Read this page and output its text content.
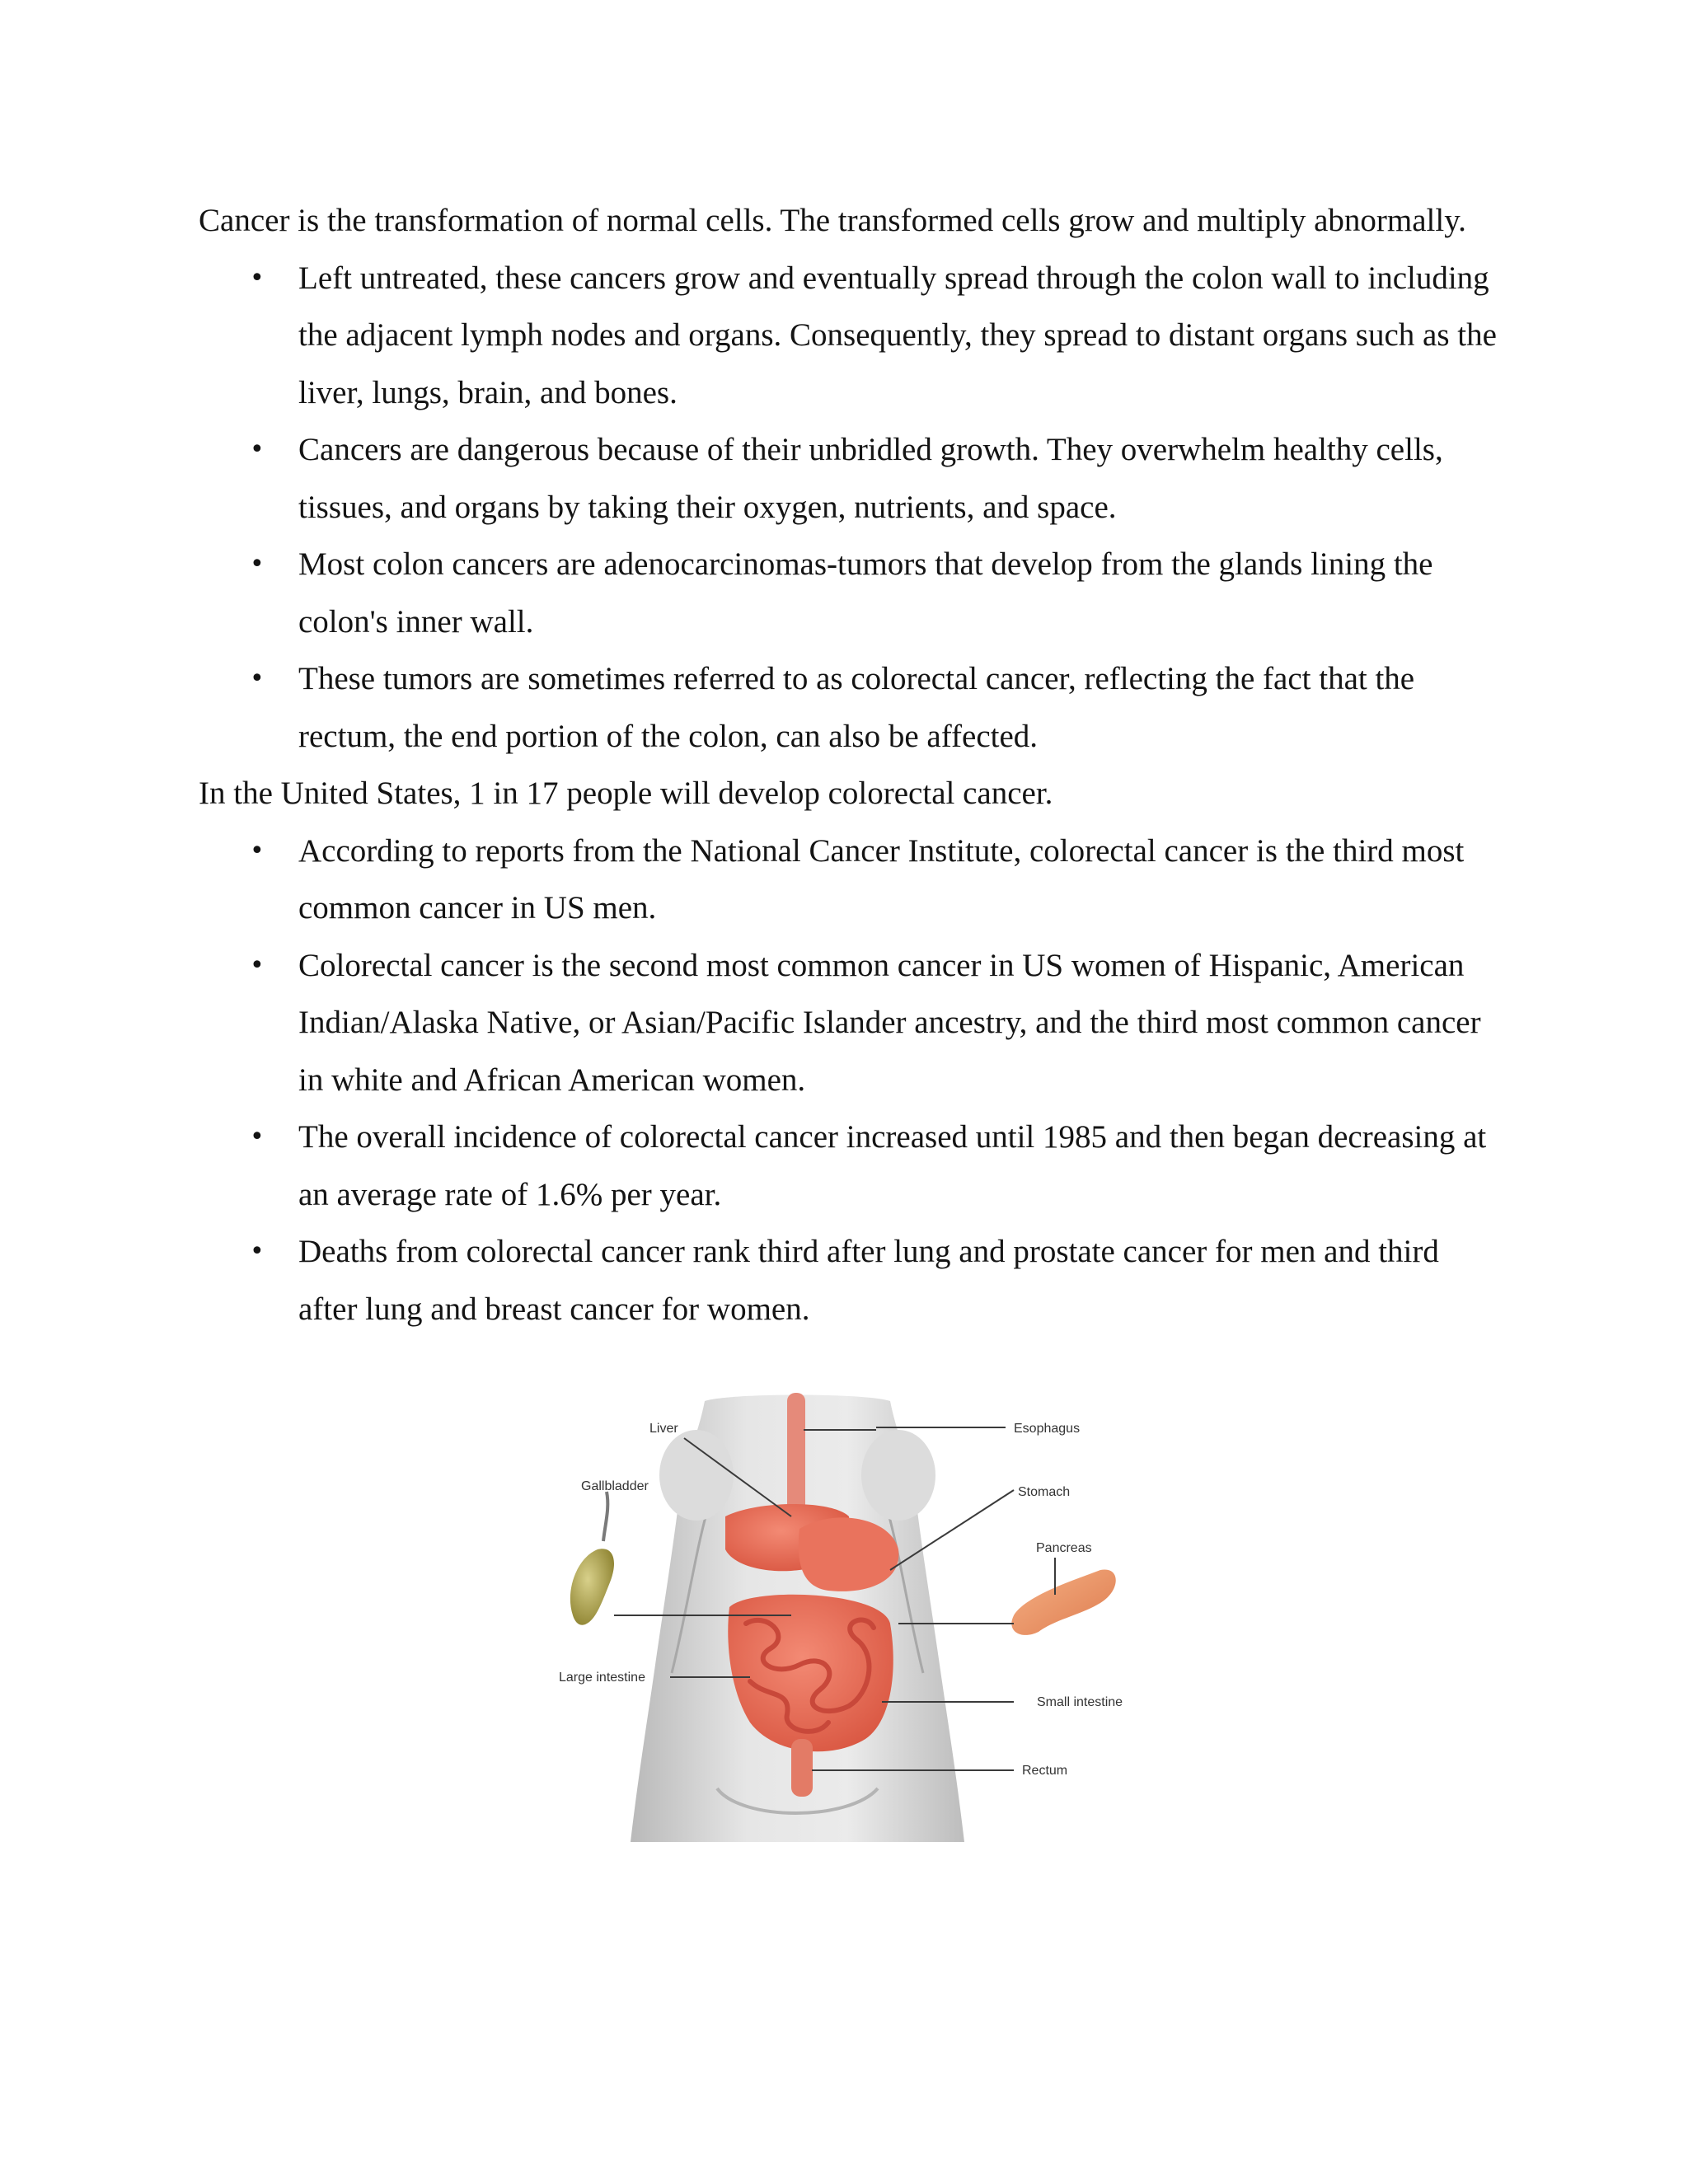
Cancer is the transformation of normal cells. The transformed cells grow and multiply abnormally.

• Left untreated, these cancers grow and eventually spread through the colon wall to including the adjacent lymph nodes and organs. Consequently, they spread to distant organs such as the liver, lungs, brain, and bones.
• Cancers are dangerous because of their unbridled growth. They overwhelm healthy cells, tissues, and organs by taking their oxygen, nutrients, and space.
• Most colon cancers are adenocarcinomas-tumors that develop from the glands lining the colon's inner wall.
• These tumors are sometimes referred to as colorectal cancer, reflecting the fact that the rectum, the end portion of the colon, can also be affected.

In the United States, 1 in 17 people will develop colorectal cancer.

• According to reports from the National Cancer Institute, colorectal cancer is the third most common cancer in US men.
• Colorectal cancer is the second most common cancer in US women of Hispanic, American Indian/Alaska Native, or Asian/Pacific Islander ancestry, and the third most common cancer in white and African American women.
• The overall incidence of colorectal cancer increased until 1985 and then began decreasing at an average rate of 1.6% per year.
• Deaths from colorectal cancer rank third after lung and prostate cancer for men and third after lung and breast cancer for women.
Liver
Gallbladder
Large intestine
Esophagus
Stomach
Pancreas
Small intestine
Rectum
